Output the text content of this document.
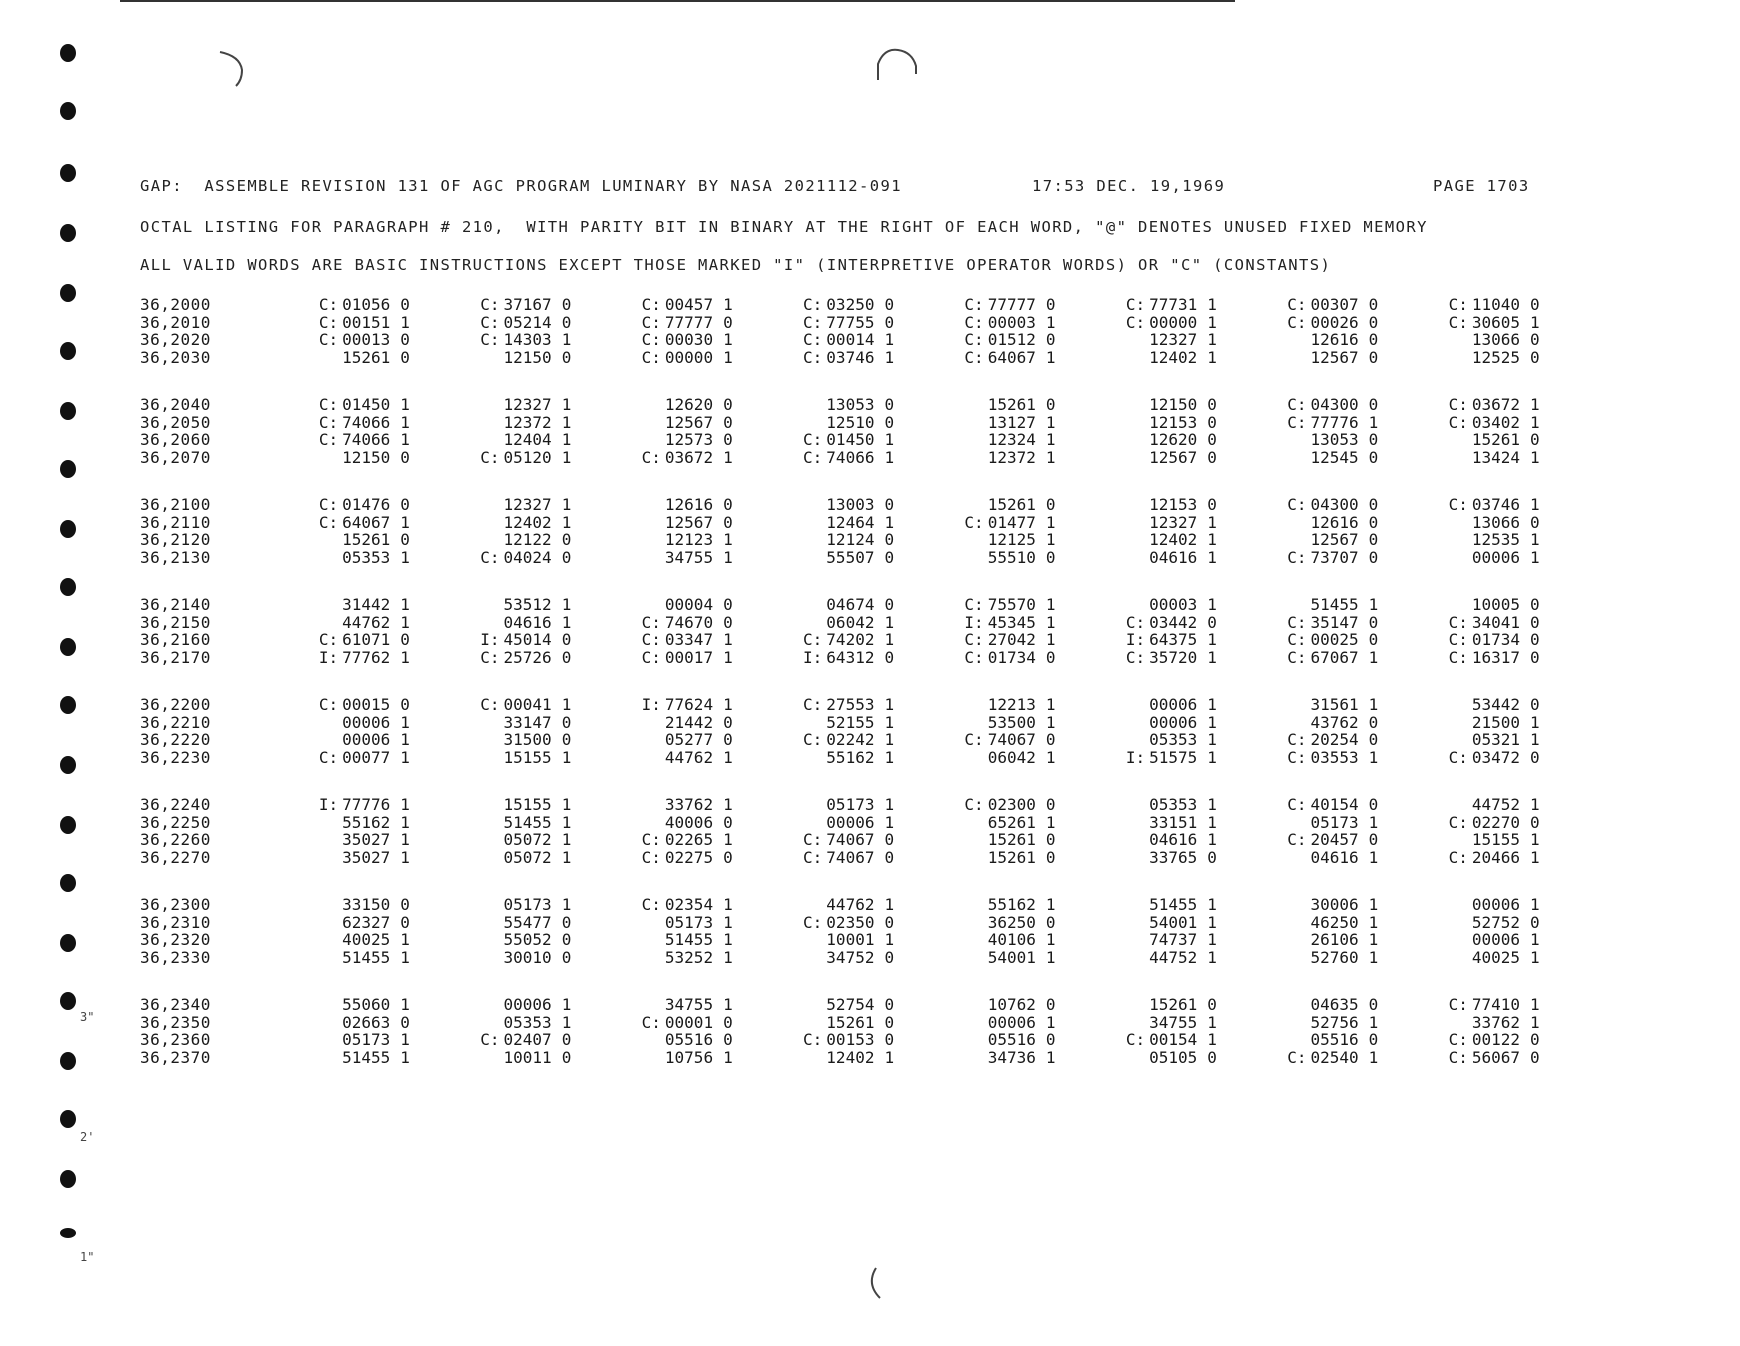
GAP:  ASSEMBLE REVISION 131 OF AGC PROGRAM LUMINARY BY NASA 2021112-091	17:53 DEC. 19,1969	PAGE 1703
OCTAL LISTING FOR PARAGRAPH # 210,  WITH PARITY BIT IN BINARY AT THE RIGHT OF EACH WORD, "@" DENOTES UNUSED FIXED MEMORY
ALL VALID WORDS ARE BASIC INSTRUCTIONS EXCEPT THOSE MARKED "I" (INTERPRETIVE OPERATOR WORDS) OR "C" (CONSTANTS)
36,2000	C: 01056 0	C: 37167 0	C: 00457 1	C: 03250 0	C: 77777 0	C: 77731 1	C: 00307 0	C: 11040 0
36,2010	C: 00151 1	C: 05214 0	C: 77777 0	C: 77755 0	C: 00003 1	C: 00000 1	C: 00026 0	C: 30605 1
36,2020	C: 00013 0	C: 14303 1	C: 00030 1	C: 00014 1	C: 01512 0	12327 1	12616 0	13066 0
36,2030	15261 0	12150 0	C: 00000 1	C: 03746 1	C: 64067 1	12402 1	12567 0	12525 0
36,2040	C: 01450 1	12327 1	12620 0	13053 0	15261 0	12150 0	C: 04300 0	C: 03672 1
36,2050	C: 74066 1	12372 1	12567 0	12510 0	13127 1	12153 0	C: 77776 1	C: 03402 1
36,2060	C: 74066 1	12404 1	12573 0	C: 01450 1	12324 1	12620 0	13053 0	15261 0
36,2070	12150 0	C: 05120 1	C: 03672 1	C: 74066 1	12372 1	12567 0	12545 0	13424 1
36,2100	C: 01476 0	12327 1	12616 0	13003 0	15261 0	12153 0	C: 04300 0	C: 03746 1
36,2110	C: 64067 1	12402 1	12567 0	12464 1	C: 01477 1	12327 1	12616 0	13066 0
36,2120	15261 0	12122 0	12123 1	12124 0	12125 1	12402 1	12567 0	12535 1
36,2130	05353 1	C: 04024 0	34755 1	55507 0	55510 0	04616 1	C: 73707 0	00006 1
36,2140	31442 1	53512 1	00004 0	04674 0	C: 75570 1	00003 1	51455 1	10005 0
36,2150	44762 1	04616 1	C: 74670 0	06042 1	I: 45345 1	C: 03442 0	C: 35147 0	C: 34041 0
36,2160	C: 61071 0	I: 45014 0	C: 03347 1	C: 74202 1	C: 27042 1	I: 64375 1	C: 00025 0	C: 01734 0
36,2170	I: 77762 1	C: 25726 0	C: 00017 1	I: 64312 0	C: 01734 0	C: 35720 1	C: 67067 1	C: 16317 0
36,2200	C: 00015 0	C: 00041 1	I: 77624 1	C: 27553 1	12213 1	00006 1	31561 1	53442 0
36,2210	00006 1	33147 0	21442 0	52155 1	53500 1	00006 1	43762 0	21500 1
36,2220	00006 1	31500 0	05277 0	C: 02242 1	C: 74067 0	05353 1	C: 20254 0	05321 1
36,2230	C: 00077 1	15155 1	44762 1	55162 1	06042 1	I: 51575 1	C: 03553 1	C: 03472 0
36,2240	I: 77776 1	15155 1	33762 1	05173 1	C: 02300 0	05353 1	C: 40154 0	44752 1
36,2250	55162 1	51455 1	40006 0	00006 1	65261 1	33151 1	05173 1	C: 02270 0
36,2260	35027 1	05072 1	C: 02265 1	C: 74067 0	15261 0	04616 1	C: 20457 0	15155 1
36,2270	35027 1	05072 1	C: 02275 0	C: 74067 0	15261 0	33765 0	04616 1	C: 20466 1
36,2300	33150 0	05173 1	C: 02354 1	44762 1	55162 1	51455 1	30006 1	00006 1
36,2310	62327 0	55477 0	05173 1	C: 02350 0	36250 0	54001 1	46250 1	52752 0
36,2320	40025 1	55052 0	51455 1	10001 1	40106 1	74737 1	26106 1	00006 1
36,2330	51455 1	30010 0	53252 1	34752 0	54001 1	44752 1	52760 1	40025 1
36,2340	55060 1	00006 1	34755 1	52754 0	10762 0	15261 0	04635 0	C: 77410 1
36,2350	02663 0	05353 1	C: 00001 0	15261 0	00006 1	34755 1	52756 1	33762 1
36,2360	05173 1	C: 02407 0	05516 0	C: 00153 0	05516 0	C: 00154 1	05516 0	C: 00122 0
36,2370	51455 1	10011 0	10756 1	12402 1	34736 1	05105 0	C: 02540 1	C: 56067 0
3"
2'
1"
